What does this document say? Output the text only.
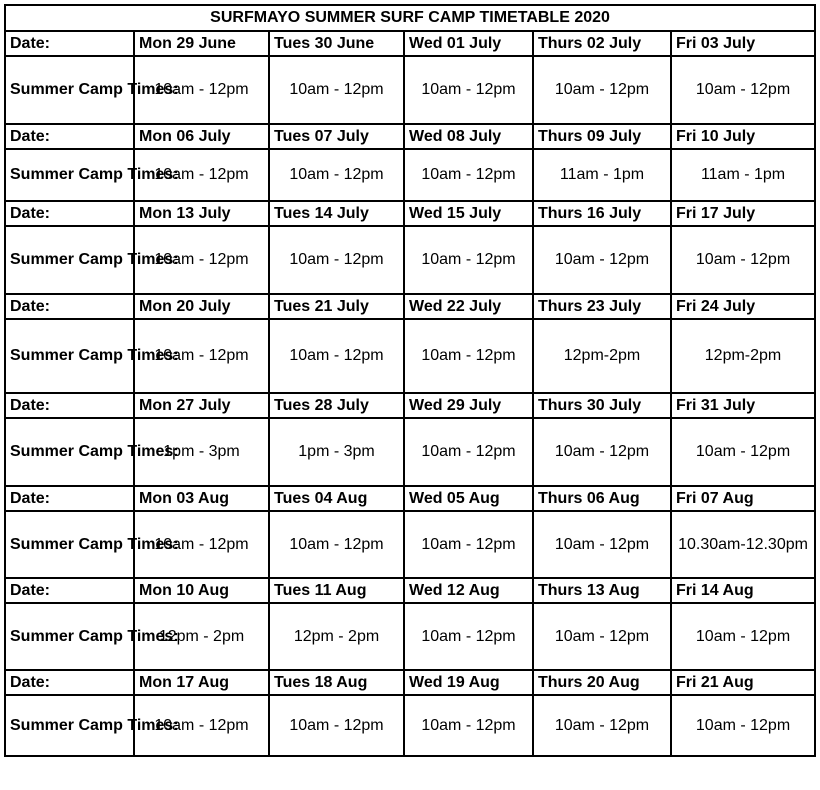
SURFMAYO SUMMER SURF CAMP TIMETABLE 2020					
Date:	Mon 29 June	Tues 30 June	Wed 01 July	Thurs 02 July	Fri 03 July
Summer Camp Times:	10am - 12pm	10am - 12pm	10am - 12pm	10am - 12pm	10am - 12pm
Date:	Mon 06 July	Tues 07 July	Wed 08 July	Thurs 09 July	Fri 10 July
Summer Camp Times:	10am - 12pm	10am - 12pm	10am - 12pm	11am - 1pm	11am - 1pm
Date:	Mon 13 July	Tues 14 July	Wed 15 July	Thurs 16 July	Fri 17 July
Summer Camp Times:	10am - 12pm	10am - 12pm	10am - 12pm	10am - 12pm	10am - 12pm
Date:	Mon 20 July	Tues 21 July	Wed 22 July	Thurs 23 July	Fri 24 July
Summer Camp Times:	10am - 12pm	10am - 12pm	10am - 12pm	12pm-2pm	12pm-2pm
Date:	Mon 27 July	Tues 28 July	Wed 29 July	Thurs 30 July	Fri 31 July
Summer Camp Times:	1pm - 3pm	1pm - 3pm	10am - 12pm	10am - 12pm	10am - 12pm
Date:	Mon 03 Aug	Tues 04 Aug	Wed 05 Aug	Thurs 06 Aug	Fri 07 Aug
Summer Camp Times:	10am - 12pm	10am - 12pm	10am - 12pm	10am - 12pm	10.30am-12.30pm
Date:	Mon 10 Aug	Tues 11 Aug	Wed 12 Aug	Thurs 13 Aug	Fri 14 Aug
Summer Camp Times:	12pm - 2pm	12pm - 2pm	10am - 12pm	10am - 12pm	10am - 12pm
Date:	Mon 17 Aug	Tues 18 Aug	Wed 19 Aug	Thurs 20 Aug	Fri 21 Aug
Summer Camp Times:	10am - 12pm	10am - 12pm	10am - 12pm	10am - 12pm	10am - 12pm
